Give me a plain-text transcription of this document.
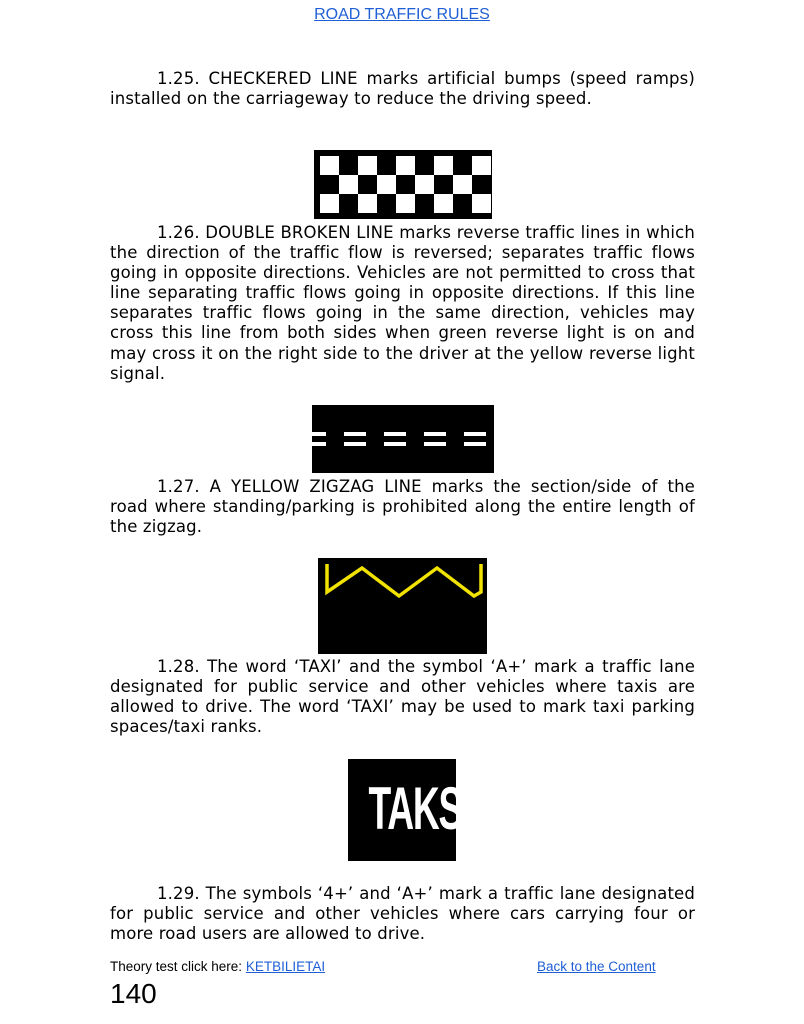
ROAD TRAFFIC RULES

1.25. CHECKERED LINE marks artificial bumps (speed ramps) installed on the carriageway to reduce the driving speed.

1.26. DOUBLE BROKEN LINE marks reverse traffic lines in which the direction of the traffic flow is reversed; separates traffic flows going in opposite directions. Vehicles are not permitted to cross that line separating traffic flows going in opposite directions. If this line separates traffic flows going in the same direction, vehicles may cross this line from both sides when green reverse light is on and may cross it on the right side to the driver at the yellow reverse light signal.

1.27. A YELLOW ZIGZAG LINE marks the section/side of the road where standing/parking is prohibited along the entire length of the zigzag.

1.28. The word ‘TAXI’ and the symbol ‘A+’ mark a traffic lane designated for public service and other vehicles where taxis are allowed to drive. The word ‘TAXI’ may be used to mark taxi parking spaces/taxi ranks.

TAKSI

1.29. The symbols ‘4+’ and ‘A+’ mark a traffic lane designated for public service and other vehicles where cars carrying four or more road users are allowed to drive.

Theory test click here: KETBILIETAI	Back to the Content
140
